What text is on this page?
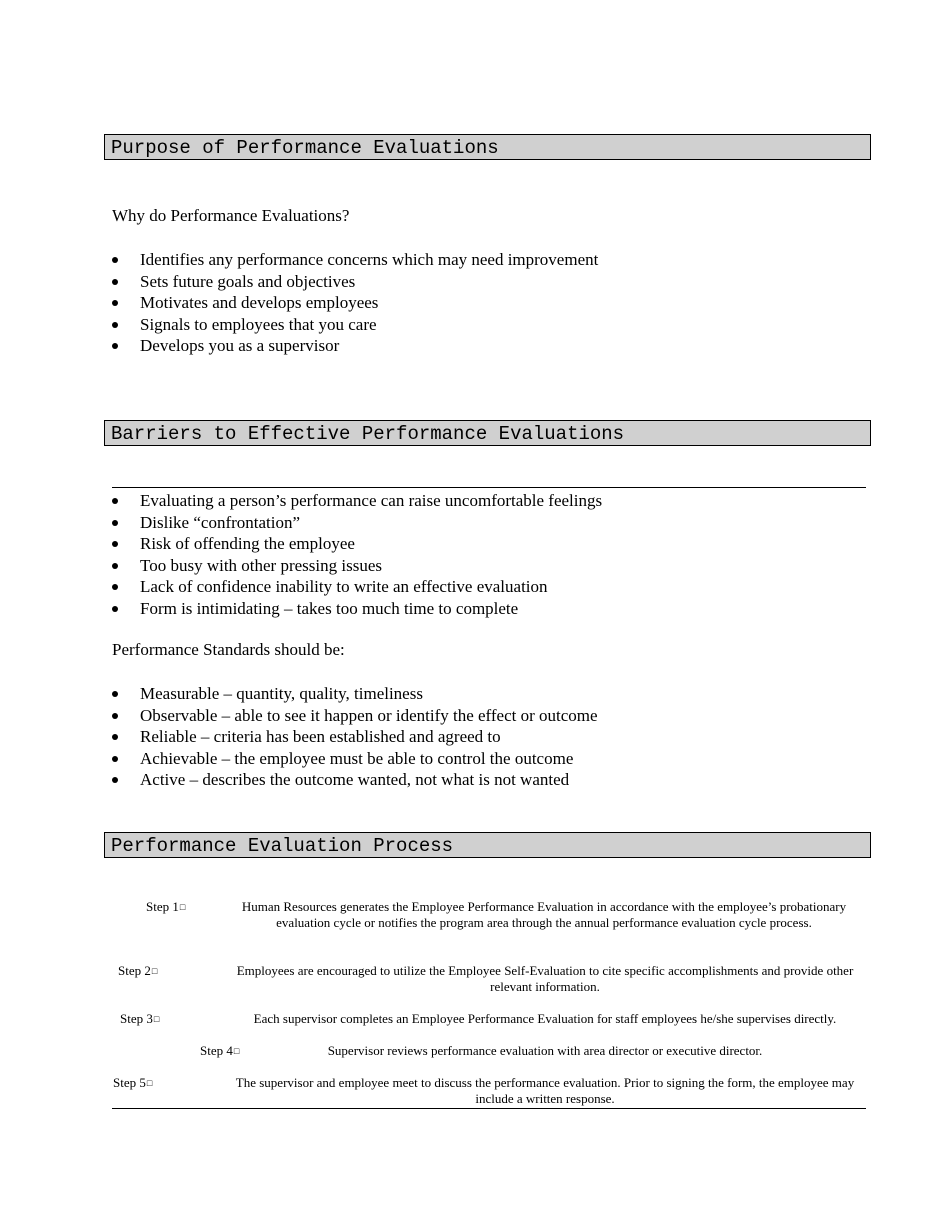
Purpose of Performance Evaluations
Why do Performance Evaluations?
Identifies any performance concerns which may need improvement
Sets future goals and objectives
Motivates and develops employees
Signals to employees that you care
Develops you as a supervisor
Barriers to Effective Performance Evaluations
Evaluating a person’s performance can raise uncomfortable feelings
Dislike “confrontation”
Risk of offending the employee
Too busy with other pressing issues
Lack of confidence inability to write an effective evaluation
Form is intimidating – takes too much time to complete
Performance Standards should be:
Measurable – quantity, quality, timeliness
Observable – able to see it happen or identify the effect or outcome
Reliable – criteria has been established and agreed to
Achievable – the employee must be able to control the outcome
Active – describes the outcome wanted, not what is not wanted
Performance Evaluation Process
Step 1□	Human Resources generates the Employee Performance Evaluation in accordance with the employee’s probationary evaluation cycle or notifies the program area through the annual performance evaluation cycle process.
Step 2□	Employees are encouraged to utilize the Employee Self-Evaluation to cite specific accomplishments and provide other relevant information.
Step 3□	Each supervisor completes an Employee Performance Evaluation for staff employees he/she supervises directly.
Step 4□	Supervisor reviews performance evaluation with area director or executive director.
Step 5□	The supervisor and employee meet to discuss the performance evaluation. Prior to signing the form, the employee may include a written response.
